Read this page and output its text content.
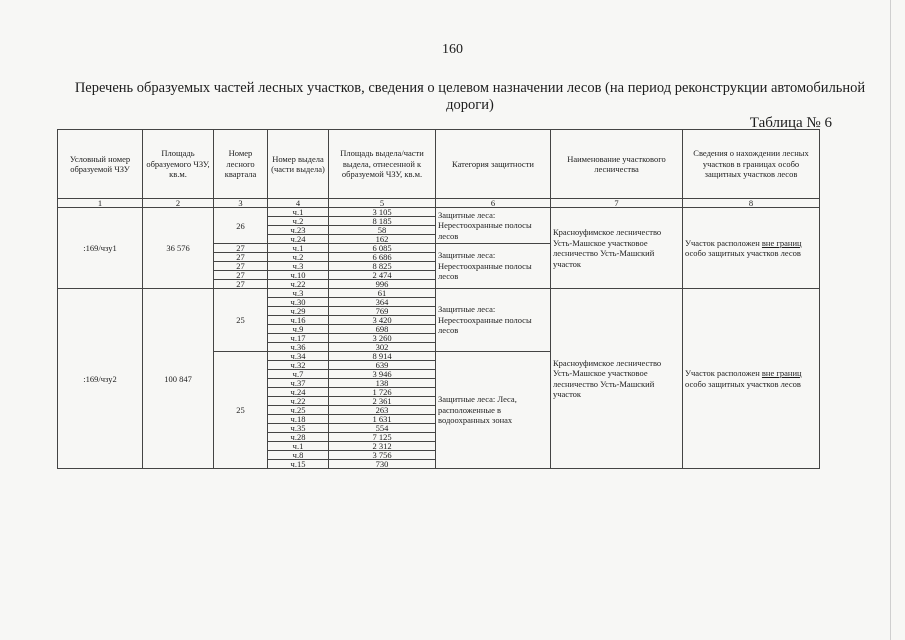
160
Перечень образуемых частей лесных участков, сведения о целевом назначении лесов (на период реконструкции автомобильной дороги)
Таблица № 6
Условный номер образуемой ЧЗУ	Площадь образуемого ЧЗУ, кв.м.	Номер лесного квартала	Номер выдела (части выдела)	Площадь выдела/части выдела, отнесенной к образуемой ЧЗУ, кв.м.	Категория защитности	Наименование участкового лесничества	Сведения о нахождении лесных участков в границах особо защитных участков лесов
1	2	3	4	5	6	7	8
:169/чзу1	36 576	26	ч.1	3 105	Защитные леса: Нерестоохранные полосы лесов	Красноуфимское лесничество Усть-Машское участковое лесничество Усть-Машский участок	Участок расположен вне границ особо защитных участков лесов
			ч.2	8 185			
			ч.23	58			
			ч.24	162			
		27	ч.1	6 085	Защитные леса: Нерестоохранные полосы лесов		
		27	ч.2	6 686			
		27	ч.3	8 825			
		27	ч.10	2 474			
		27	ч.22	996			
:169/чзу2	100 847	25	ч.3	61	Защитные леса: Нерестоохранные полосы лесов	Красноуфимское лесничество Усть-Машское участковое лесничество Усть-Машский участок	Участок расположен вне границ особо защитных участков лесов
			ч.30	364			
			ч.29	769			
			ч.16	3 420			
			ч.9	698			
			ч.17	3 260			
			ч.36	302			
		25	ч.34	8 914	Защитные леса: Леса, расположенные в водоохранных зонах		
			ч.32	639			
			ч.7	3 946			
			ч.37	138			
			ч.24	1 726			
			ч.22	2 361			
			ч.25	263			
			ч.18	1 631			
			ч.35	554			
			ч.28	7 125			
			ч.1	2 312			
			ч.8	3 756			
			ч.15	730			
